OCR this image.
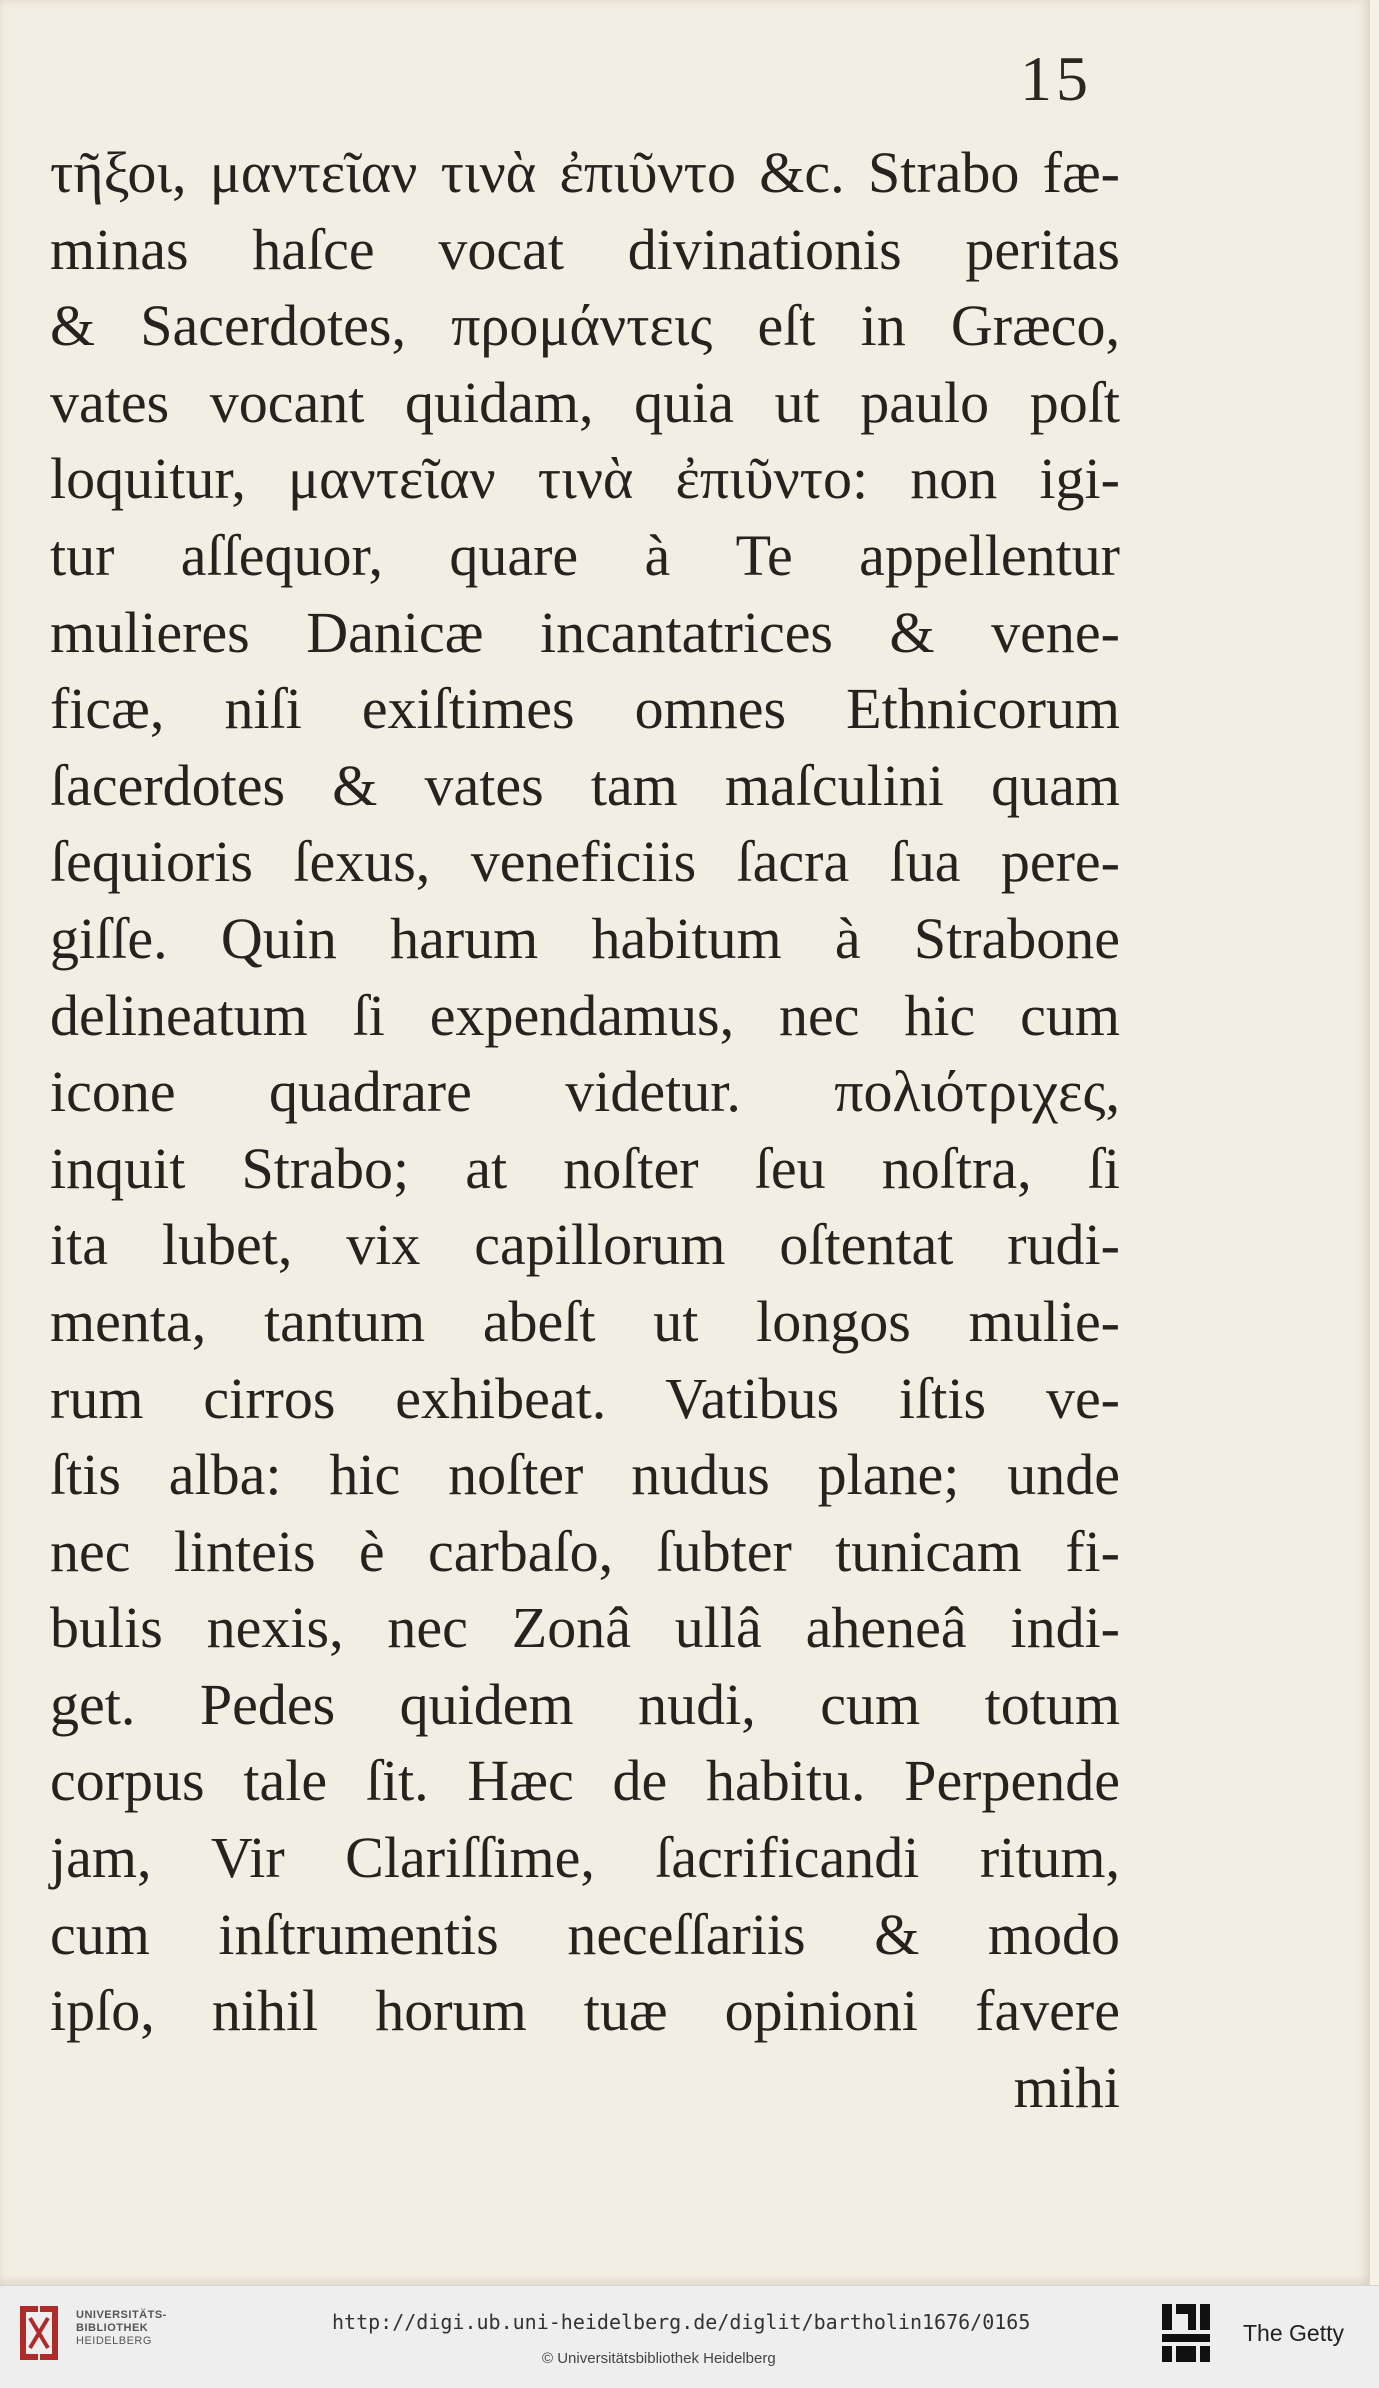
15
τῆξοι, μαντεῖαν τινὰ ἐπιῦντο &c. Strabo fæ-
minas haſce vocat divinationis peritas
& Sacerdotes, προμάντεις eſt in Græco,
vates vocant quidam, quia ut paulo poſt
loquitur, μαντεῖαν τινὰ ἐπιῦντο: non igi-
tur aſſequor, quare à Te appellentur
mulieres Danicæ incantatrices & vene-
ficæ, niſi exiſtimes omnes Ethnicorum
ſacerdotes & vates tam maſculini quam
ſequioris ſexus, veneficiis ſacra ſua pere-
giſſe. Quin harum habitum à Strabone
delineatum ſi expendamus, nec hic cum
icone quadrare videtur. πολιότριχες,
inquit Strabo; at noſter ſeu noſtra, ſi
ita lubet, vix capillorum oſtentat rudi-
menta, tantum abeſt ut longos mulie-
rum cirros exhibeat. Vatibus iſtis ve-
ſtis alba: hic noſter nudus plane; unde
nec linteis è carbaſo, ſubter tunicam fi-
bulis nexis, nec Zonâ ullâ aheneâ indi-
get. Pedes quidem nudi, cum totum
corpus tale ſit. Hæc de habitu. Perpende
jam, Vir Clariſſime, ſacrificandi ritum,
cum inſtrumentis neceſſariis & modo
ipſo, nihil horum tuæ opinioni favere
mihi
UNIVERSITÄTS-
BIBLIOTHEK
HEIDELBERG
http://digi.ub.uni-heidelberg.de/diglit/bartholin1676/0165
© Universitätsbibliothek Heidelberg
The Getty
